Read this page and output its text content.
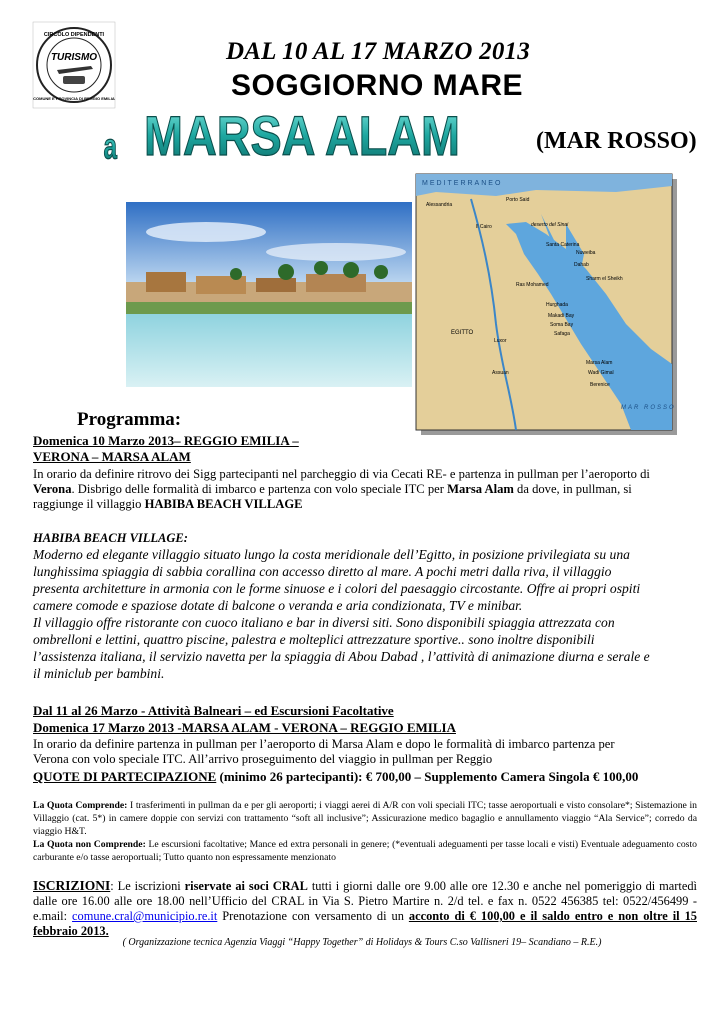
CIRCOLO DIPENDENTI
TURISMO
COMUNE E PROVINCIA DI REGGIO EMILIA
DAL 10 AL 17 MARZO 2013
SOGGIORNO MARE
a MARSA ALAM	(MAR ROSSO)
MEDITERRANEO
Porto Said
Alessandria
Il Cairo	deserto del Sinai
Santa Caterina
Nuweiba
Dahab
Sharm el Sheikh
Ras Mohamed
Hurghada
Makadi Bay
Soma Bay
Safaga
EGITTO
Luxor
Marsa Alam
Wadi Gimal
Berenice
Assuan
MAR ROSSO
Programma:
Domenica 10 Marzo 2013– REGGIO EMILIA –
VERONA – MARSA ALAM
In orario da definire ritrovo dei Sigg partecipanti nel parcheggio di via Cecati RE- e partenza in pullman per l’aeroporto di
Verona. Disbrigo delle formalità di imbarco e partenza con volo speciale ITC per Marsa Alam da dove, in pullman, si
raggiunge il villaggio HABIBA BEACH VILLAGE
HABIBA BEACH VILLAGE:
Moderno ed elegante villaggio situato lungo la costa meridionale dell’Egitto, in posizione privilegiata su una
lunghissima spiaggia di sabbia corallina con accesso diretto al mare. A pochi metri dalla riva, il villaggio
presenta architetture in armonia con le forme sinuose e i colori del paesaggio circostante. Offre ai propri ospiti
camere comode e spaziose dotate di balcone o veranda e aria condizionata, TV e minibar.
Il villaggio offre ristorante con cuoco italiano e bar in diversi siti. Sono disponibili spiaggia attrezzata con
ombrelloni e lettini, quattro piscine, palestra e molteplici attrezzature sportive.. sono inoltre disponibili
l’assistenza italiana, il servizio navetta per la spiaggia di Abou Dabad , l’attività di animazione diurna e serale e
il miniclub per bambini.
Dal 11 al 26 Marzo - Attività Balneari – ed Escursioni Facoltative
Domenica 17 Marzo 2013 -MARSA ALAM - VERONA – REGGIO EMILIA
In orario da definire partenza in pullman per l’aeroporto di Marsa Alam e dopo le formalità di imbarco partenza per
Verona con volo speciale ITC. All’arrivo proseguimento del viaggio in pullman per Reggio
QUOTE DI PARTECIPAZIONE (minimo 26 partecipanti): € 700,00 – Supplemento Camera Singola € 100,00
La Quota Comprende: I trasferimenti in pullman da e per gli aeroporti; i viaggi aerei di A/R con voli speciali ITC; tasse aeroportuali e visto consolare*; Sistemazione in Villaggio (cat. 5*) in camere doppie con servizi con trattamento “soft all inclusive”; Assicurazione medico bagaglio e annullamento viaggio “Ala Service”; corredo da viaggio H&T.
La Quota non Comprende: Le escursioni facoltative; Mance ed extra personali in genere; (*eventuali adeguamenti per tasse locali e visti) Eventuale adeguamento costo carburante e/o tasse aeroportuali; Tutto quanto non espressamente menzionato
ISCRIZIONI: Le iscrizioni riservate ai soci CRAL tutti i giorni dalle ore 9.00 alle ore 12.30 e anche nel pomeriggio di martedì dalle ore 16.00 alle ore 18.00 nell’Ufficio del CRAL in Via S. Pietro Martire n. 2/d tel. e fax n. 0522 456385 tel: 0522/456499 - e.mail: comune.cral@municipio.re.it Prenotazione con versamento di un acconto di € 100,00 e il saldo entro e non oltre il 15 febbraio 2013.
( Organizzazione tecnica Agenzia Viaggi “Happy Together” di Holidays & Tours C.so Vallisneri 19– Scandiano – R.E.)
